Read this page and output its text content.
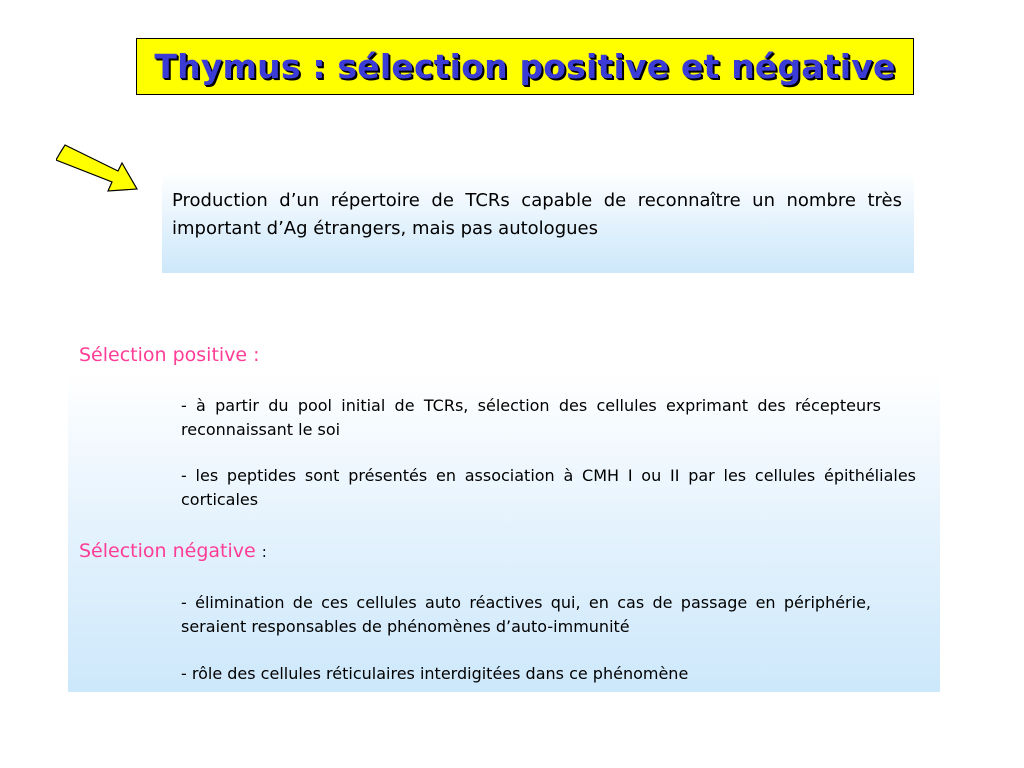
Thymus : sélection positive et négative

Production d’un répertoire de TCRs capable de reconnaître un nombre très important d’Ag étrangers, mais pas autologues

Sélection positive :

- à partir du pool initial de TCRs, sélection des cellules exprimant des récepteurs reconnaissant le soi

- les peptides sont présentés en association à CMH I ou II par les cellules épithéliales corticales

Sélection négative :

- élimination de ces cellules auto réactives qui, en cas de passage en périphérie, seraient responsables de phénomènes d’auto-immunité

- rôle des cellules réticulaires interdigitées dans ce phénomène
